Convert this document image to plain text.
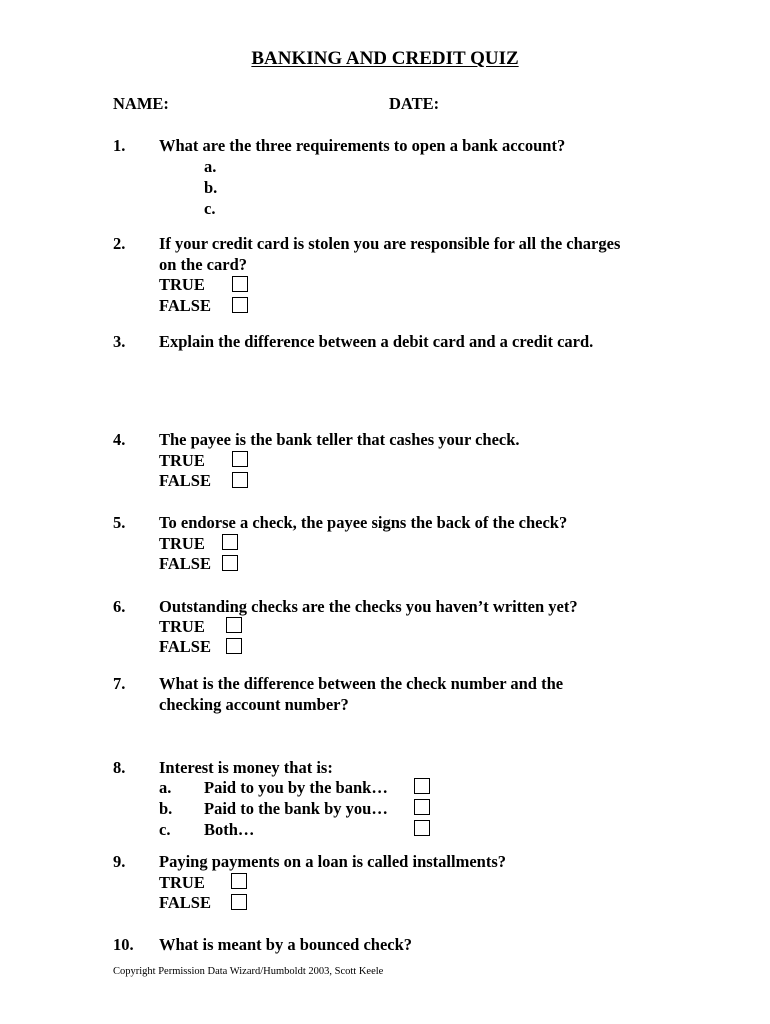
BANKING AND CREDIT QUIZ
NAME:	DATE:
1. What are the three requirements to open a bank account?
a.
b.
c.
2. If your credit card is stolen you are responsible for all the charges
on the card?
TRUE
FALSE
3. Explain the difference between a debit card and a credit card.
4. The payee is the bank teller that cashes your check.
TRUE
FALSE
5. To endorse a check, the payee signs the back of the check?
TRUE
FALSE
6. Outstanding checks are the checks you haven’t written yet?
TRUE
FALSE
7. What is the difference between the check number and the
checking account number?
8. Interest is money that is:
a. Paid to you by the bank…
b. Paid to the bank by you…
c. Both…
9. Paying payments on a loan is called installments?
TRUE
FALSE
10. What is meant by a bounced check?
Copyright Permission Data Wizard/Humboldt 2003, Scott Keele
